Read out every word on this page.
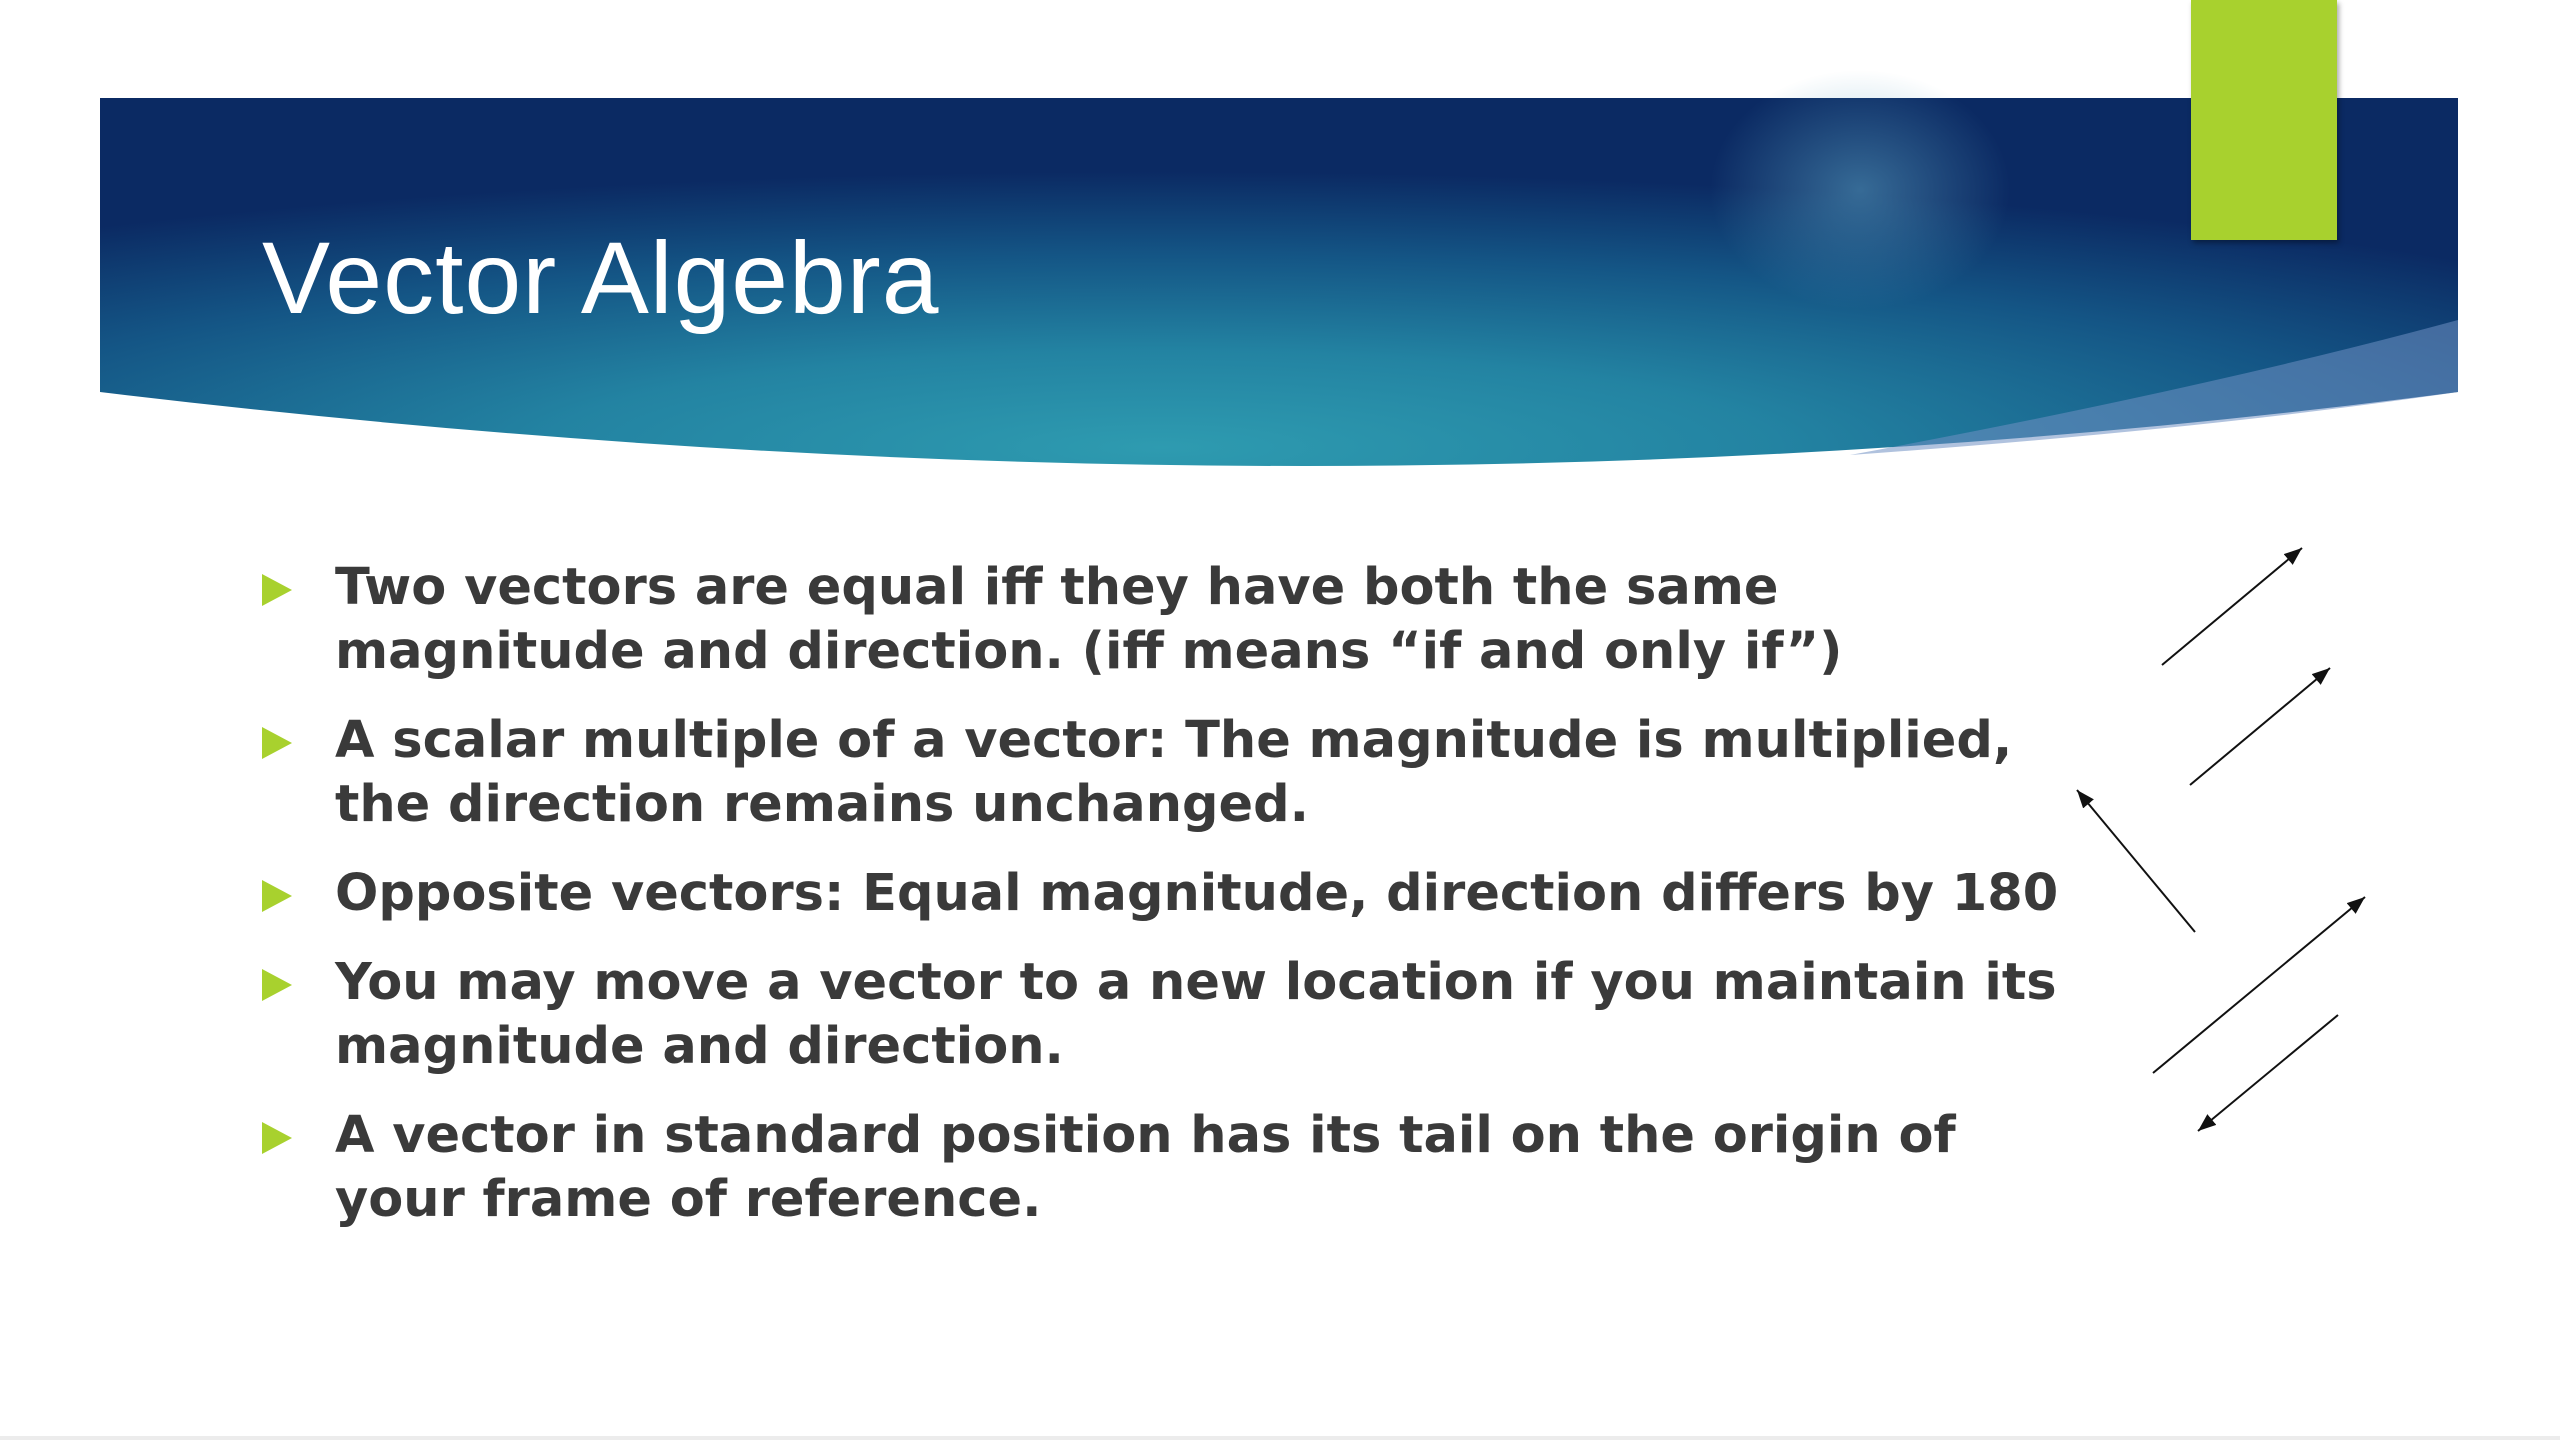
Vector Algebra
Two vectors are equal iff they have both the same magnitude and direction. (iff means “if and only if”)
A scalar multiple of a vector: The magnitude is multiplied, the direction remains unchanged.
Opposite vectors: Equal magnitude, direction differs by 180
You may move a vector to a new location if you maintain its magnitude and direction.
A vector in standard position has its tail on the origin of your frame of reference.
